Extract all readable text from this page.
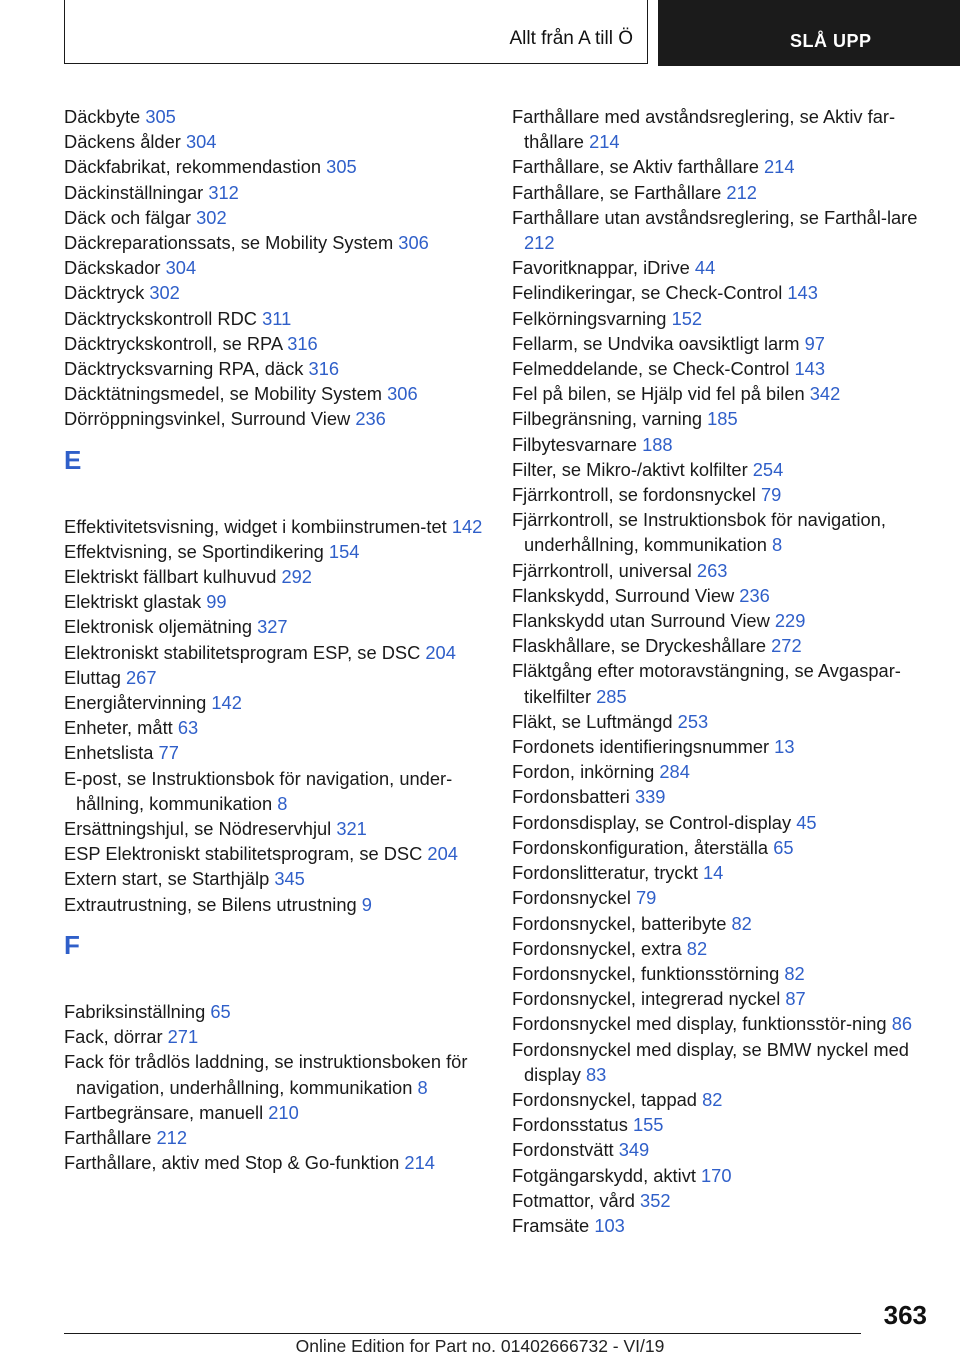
Allt från A till Ö	SLÅ UPP
Däckbyte 305
Däckens ålder 304
Däckfabrikat, rekommendastion 305
Däckinställningar 312
Däck och fälgar 302
Däckreparationssats, se Mobility System 306
Däckskador 304
Däcktryck 302
Däcktryckskontroll RDC 311
Däcktryckskontroll, se RPA 316
Däcktrycksvarning RPA, däck 316
Däcktätningsmedel, se Mobility System 306
Dörröppningsvinkel, Surround View 236
E
Effektivitetsvisning, widget i kombiinstrumen-tet 142
Effektvisning, se Sportindikering 154
Elektriskt fällbart kulhuvud 292
Elektriskt glastak 99
Elektronisk oljemätning 327
Elektroniskt stabilitetsprogram ESP, se DSC 204
Eluttag 267
Energiåtervinning 142
Enheter, mått 63
Enhetslista 77
E-post, se Instruktionsbok för navigation, under-hållning, kommunikation 8
Ersättningshjul, se Nödreservhjul 321
ESP Elektroniskt stabilitetsprogram, se DSC 204
Extern start, se Starthjälp 345
Extrautrustning, se Bilens utrustning 9
F
Fabriksinställning 65
Fack, dörrar 271
Fack för trådlös laddning, se instruktionsboken för navigation, underhållning, kommunikation 8
Fartbegränsare, manuell 210
Farthållare 212
Farthållare, aktiv med Stop & Go-funktion 214
Farthållare med avståndsreglering, se Aktiv far-thållare 214
Farthållare, se Aktiv farthållare 214
Farthållare, se Farthållare 212
Farthållare utan avståndsreglering, se Farthål-lare 212
Favoritknappar, iDrive 44
Felindikeringar, se Check-Control 143
Felkörningsvarning 152
Fellarm, se Undvika oavsiktligt larm 97
Felmeddelande, se Check-Control 143
Fel på bilen, se Hjälp vid fel på bilen 342
Filbegränsning, varning 185
Filbytesvarnare 188
Filter, se Mikro-/aktivt kolfilter 254
Fjärrkontroll, se fordonsnyckel 79
Fjärrkontroll, se Instruktionsbok för navigation, underhållning, kommunikation 8
Fjärrkontroll, universal 263
Flankskydd, Surround View 236
Flankskydd utan Surround View 229
Flaskhållare, se Dryckeshållare 272
Fläktgång efter motoravstängning, se Avgaspar-tikelfilter 285
Fläkt, se Luftmängd 253
Fordonets identifieringsnummer 13
Fordon, inkörning 284
Fordonsbatteri 339
Fordonsdisplay, se Control-display 45
Fordonskonfiguration, återställa 65
Fordonslitteratur, tryckt 14
Fordonsnyckel 79
Fordonsnyckel, batteribyte 82
Fordonsnyckel, extra 82
Fordonsnyckel, funktionsstörning 82
Fordonsnyckel, integrerad nyckel 87
Fordonsnyckel med display, funktionsstör-ning 86
Fordonsnyckel med display, se BMW nyckel med display 83
Fordonsnyckel, tappad 82
Fordonsstatus 155
Fordonstvätt 349
Fotgängarskydd, aktivt 170
Fotmattor, vård 352
Framsäte 103
363
Online Edition for Part no. 01402666732 - VI/19
